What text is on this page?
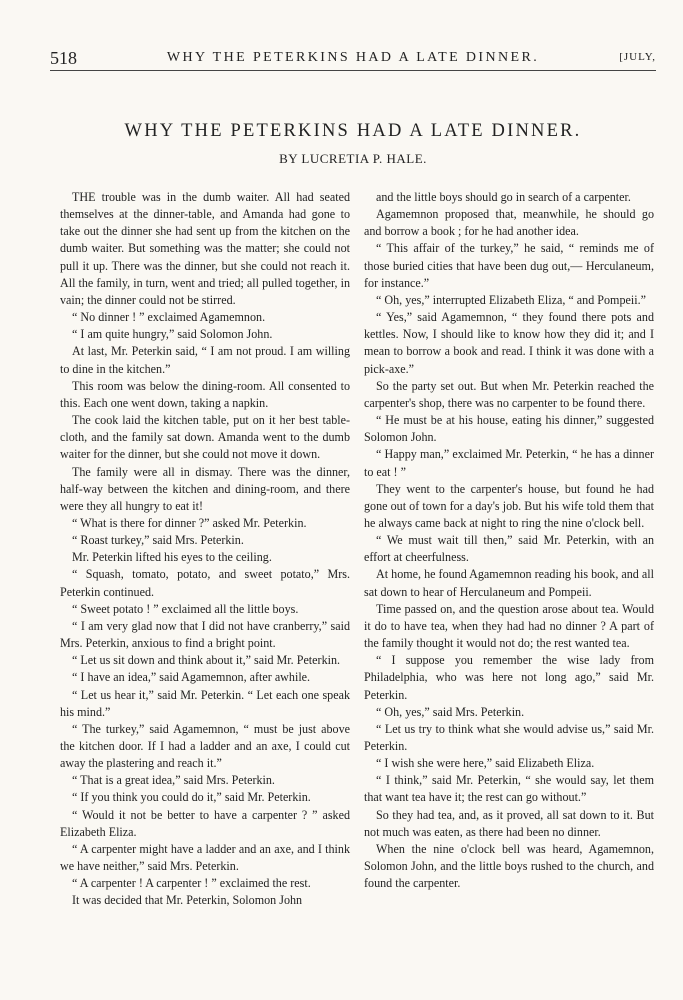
518	WHY THE PETERKINS HAD A LATE DINNER.	[JULY,
WHY THE PETERKINS HAD A LATE DINNER.
BY LUCRETIA P. HALE.

THE trouble was in the dumb waiter. All had seated themselves at the dinner-table, and Amanda had gone to take out the dinner she had sent up from the kitchen on the dumb waiter. But something was the matter; she could not pull it up. There was the dinner, but she could not reach it. All the family, in turn, went and tried; all pulled together, in vain; the dinner could not be stirred.

“ No dinner ! ” exclaimed Agamemnon.

“ I am quite hungry,” said Solomon John.

At last, Mr. Peterkin said, “ I am not proud. I am willing to dine in the kitchen.”

This room was below the dining-room. All consented to this. Each one went down, taking a napkin.

The cook laid the kitchen table, put on it her best table-cloth, and the family sat down. Amanda went to the dumb waiter for the dinner, but she could not move it down.

The family were all in dismay. There was the dinner, half-way between the kitchen and dining-room, and there were they all hungry to eat it!

“ What is there for dinner ?” asked Mr. Peterkin.

“ Roast turkey,” said Mrs. Peterkin.

Mr. Peterkin lifted his eyes to the ceiling.

“ Squash, tomato, potato, and sweet potato,” Mrs. Peterkin continued.

“ Sweet potato ! ” exclaimed all the little boys.

“ I am very glad now that I did not have cranberry,” said Mrs. Peterkin, anxious to find a bright point.

“ Let us sit down and think about it,” said Mr. Peterkin.

“ I have an idea,” said Agamemnon, after awhile.

“ Let us hear it,” said Mr. Peterkin. “ Let each one speak his mind.”

“ The turkey,” said Agamemnon, “ must be just above the kitchen door. If I had a ladder and an axe, I could cut away the plastering and reach it.”

“ That is a great idea,” said Mrs. Peterkin.

“ If you think you could do it,” said Mr. Peterkin.

“ Would it not be better to have a carpenter ? ” asked Elizabeth Eliza.

“ A carpenter might have a ladder and an axe, and I think we have neither,” said Mrs. Peterkin.

“ A carpenter ! A carpenter ! ” exclaimed the rest.

It was decided that Mr. Peterkin, Solomon John

and the little boys should go in search of a carpenter.

Agamemnon proposed that, meanwhile, he should go and borrow a book ; for he had another idea.

“ This affair of the turkey,” he said, “ reminds me of those buried cities that have been dug out,— Herculaneum, for instance.”

“ Oh, yes,” interrupted Elizabeth Eliza, “ and Pompeii.”

“ Yes,” said Agamemnon, “ they found there pots and kettles. Now, I should like to know how they did it; and I mean to borrow a book and read. I think it was done with a pick-axe.”

So the party set out. But when Mr. Peterkin reached the carpenter's shop, there was no carpenter to be found there.

“ He must be at his house, eating his dinner,” suggested Solomon John.

“ Happy man,” exclaimed Mr. Peterkin, “ he has a dinner to eat ! ”

They went to the carpenter's house, but found he had gone out of town for a day's job. But his wife told them that he always came back at night to ring the nine o'clock bell.

“ We must wait till then,” said Mr. Peterkin, with an effort at cheerfulness.

At home, he found Agamemnon reading his book, and all sat down to hear of Herculaneum and Pompeii.

Time passed on, and the question arose about tea. Would it do to have tea, when they had had no dinner ? A part of the family thought it would not do; the rest wanted tea.

“ I suppose you remember the wise lady from Philadelphia, who was here not long ago,” said Mr. Peterkin.

“ Oh, yes,” said Mrs. Peterkin.

“ Let us try to think what she would advise us,” said Mr. Peterkin.

“ I wish she were here,” said Elizabeth Eliza.

“ I think,” said Mr. Peterkin, “ she would say, let them that want tea have it; the rest can go without.”

So they had tea, and, as it proved, all sat down to it. But not much was eaten, as there had been no dinner.

When the nine o'clock bell was heard, Agamemnon, Solomon John, and the little boys rushed to the church, and found the carpenter.
